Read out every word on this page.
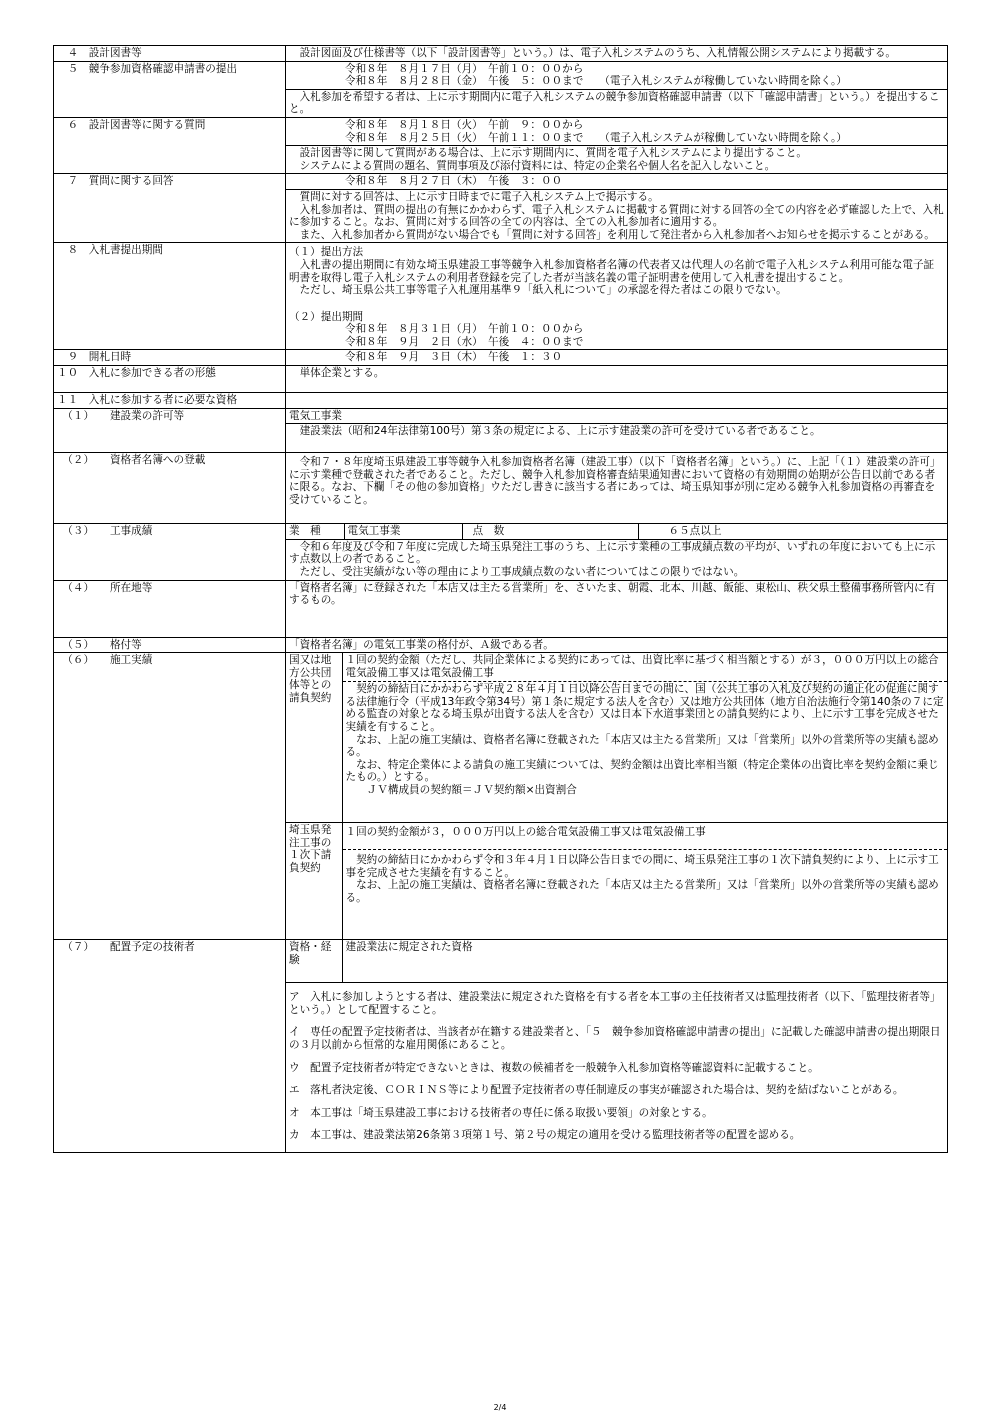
　４　設計図書等	　設計図面及び仕様書等（以下「設計図書等」という。）は、電子入札システムのうち、入札情報公開システムにより掲載する。

　５　競争参加資格確認申請書の提出	令和８年　８月１７日（月）　午前１０：００から
令和８年　８月２８日（金）　午後　５：００まで　　（電子入札システムが稼働していない時間を除く。）

　入札参加を希望する者は、上に示す期間内に電子入札システムの競争参加資格確認申請書（以下「確認申請書」という。）を提出すること。

　６　設計図書等に関する質問	令和８年　８月１８日（火）　午前　９：００から
令和８年　８月２５日（火）　午前１１：００まで　　（電子入札システムが稼働していない時間を除く。）

　設計図書等に関して質問がある場合は、上に示す期間内に、質問を電子入札システムにより提出すること。

　システムによる質問の題名、質問事項及び添付資料には、特定の企業名や個人名を記入しないこと。

　７　質問に関する回答	令和８年　８月２７日（木）　午後　３：００

　質問に対する回答は、上に示す日時までに電子入札システム上で掲示する。

　入札参加者は、質問の提出の有無にかかわらず、電子入札システムに掲載する質問に対する回答の全ての内容を必ず確認した上で、入札に参加すること。なお、質問に対する回答の全ての内容は、全ての入札参加者に適用する。

　また、入札参加者から質問がない場合でも「質問に対する回答」を利用して発注者から入札参加者へお知らせを掲示することがある。

　８　入札書提出期間	（１）提出方法

　入札書の提出期間に有効な埼玉県建設工事等競争入札参加資格者名簿の代表者又は代理人の名前で電子入札システム利用可能な電子証明書を取得し電子入札システムの利用者登録を完了した者が当該名義の電子証明書を使用して入札書を提出すること。

　ただし、埼玉県公共工事等電子入札運用基準９「紙入札について」の承認を得た者はこの限りでない。

（２）提出期間

令和８年　８月３１日（月）　午前１０：００から
令和８年　９月　２日（水）　午後　４：００まで

　９　開札日時	令和８年　９月　３日（木）　午後　１：３０

１０　入札に参加できる者の形態	　単体企業とする。

１１　入札に参加する者に必要な資格	
　（１）　　建設業の許可等	電気工事業

　建設業法（昭和24年法律第100号）第３条の規定による、上に示す建設業の許可を受けている者であること。

　（２）　　資格者名簿への登載	　令和７・８年度埼玉県建設工事等競争入札参加資格者名簿（建設工事）（以下「資格者名簿」という。）に、上記「（１）建設業の許可」に示す業種で登載された者であること。ただし、競争入札参加資格審査結果通知書において資格の有効期間の始期が公告日以前である者に限る。なお、下欄「その他の参加資格」ウただし書きに該当する者にあっては、埼玉県知事が別に定める競争入札参加資格の再審査を受けていること。

　（３）　　工事成績		業　種	電気工事業	点　数	６５点以上

　令和６年度及び令和７年度に完成した埼玉県発注工事のうち、上に示す業種の工事成績点数の平均が、いずれの年度においても上に示す点数以上の者であること。

　ただし、受注実績がない等の理由により工事成績点数のない者についてはこの限りではない。

　（４）　　所在地等	「資格者名簿」に登録された「本店又は主たる営業所」を、さいたま、朝霞、北本、川越、飯能、東松山、秩父県土整備事務所管内に有するもの。

　（５）　　格付等	「資格者名簿」の電気工事業の格付が、Ａ級である者。

　（６）　　施工実績		国又は地方公共団体等との請負契約	１回の契約金額（ただし、共同企業体による契約にあっては、出資比率に基づく相当額とする）が３，０００万円以上の総合電気設備工事又は電気設備工事

　契約の締結日にかかわらず平成２８年４月１日以降公告日までの間に、国（公共工事の入札及び契約の適正化の促進に関する法律施行令（平成13年政令第34号）第１条に規定する法人を含む）又は地方公共団体（地方自治法施行令第140条の７に定める監査の対象となる埼玉県が出資する法人を含む）又は日本下水道事業団との請負契約により、上に示す工事を完成させた実績を有すること。

　なお、上記の施工実績は、資格者名簿に登載された「本店又は主たる営業所」又は「営業所」以外の営業所等の実績も認める。

　なお、特定企業体による請負の施工実績については、契約金額は出資比率相当額（特定企業体の出資比率を契約金額に乗じたもの。）とする。

　　ＪＶ構成員の契約額＝ＪＶ契約額×出資割合

埼玉県発注工事の１次下請負契約	１回の契約金額が３，０００万円以上の総合電気設備工事又は電気設備工事

　契約の締結日にかかわらず令和３年４月１日以降公告日までの間に、埼玉県発注工事の１次下請負契約により、上に示す工事を完成させた実績を有すること。

　なお、上記の施工実績は、資格者名簿に登載された「本店又は主たる営業所」又は「営業所」以外の営業所等の実績も認める。

　（７）　　配置予定の技術者		資格・経験	建設業法に規定された資格

ア　入札に参加しようとする者は、建設業法に規定された資格を有する者を本工事の主任技術者又は監理技術者（以下、「監理技術者等」という。）として配置すること。

イ　専任の配置予定技術者は、当該者が在籍する建設業者と、「５　競争参加資格確認申請書の提出」に記載した確認申請書の提出期限日の３月以前から恒常的な雇用関係にあること。

ウ　配置予定技術者が特定できないときは、複数の候補者を一般競争入札参加資格等確認資料に記載すること。

エ　落札者決定後、ＣＯＲＩＮＳ等により配置予定技術者の専任制違反の事実が確認された場合は、契約を結ばないことがある。

オ　本工事は「埼玉県建設工事における技術者の専任に係る取扱い要領」の対象とする。

カ　本工事は、建設業法第26条第３項第１号、第２号の規定の適用を受ける監理技術者等の配置を認める。

2/4
